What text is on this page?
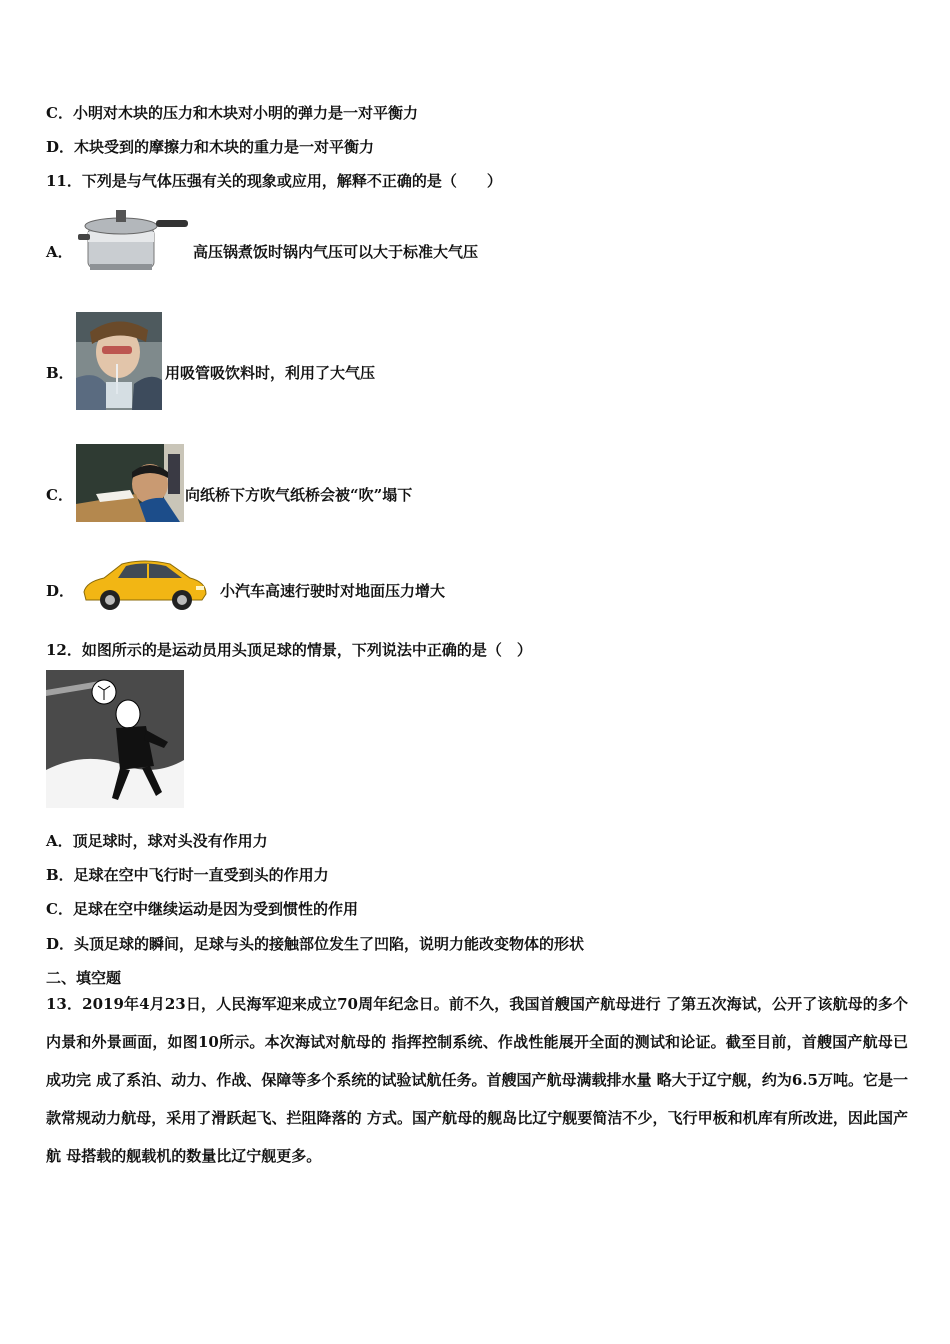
C．小明对木块的压力和木块对小明的弹力是一对平衡力
D．木块受到的摩擦力和木块的重力是一对平衡力
11．下列是与气体压强有关的现象或应用，解释不正确的是（　　）
A．	高压锅煮饭时锅内气压可以大于标准大气压
B．	用吸管吸饮料时，利用了大气压
C．	向纸桥下方吹气纸桥会被“吹”塌下
D．	小汽车高速行驶时对地面压力增大
12．如图所示的是运动员用头顶足球的情景，下列说法中正确的是（　）
A．顶足球时，球对头没有作用力
B．足球在空中飞行时一直受到头的作用力
C．足球在空中继续运动是因为受到惯性的作用
D．头顶足球的瞬间，足球与头的接触部位发生了凹陷，说明力能改变物体的形状
二、填空题
13．2019年4月23日，人民海军迎来成立70周年纪念日。前不久，我国首艘国产航母进行 了第五次海试，公开了该航母的多个内景和外景画面，如图10所示。本次海试对航母的 指挥控制系统、作战性能展开全面的测试和论证。截至目前，首艘国产航母已成功完 成了系泊、动力、作战、保障等多个系统的试验试航任务。首艘国产航母满载排水量 略大于辽宁舰，约为6.5万吨。它是一款常规动力航母，采用了滑跃起飞、拦阻降落的 方式。国产航母的舰岛比辽宁舰要简洁不少，飞行甲板和机库有所改进，因此国产航 母搭载的舰载机的数量比辽宁舰更多。
